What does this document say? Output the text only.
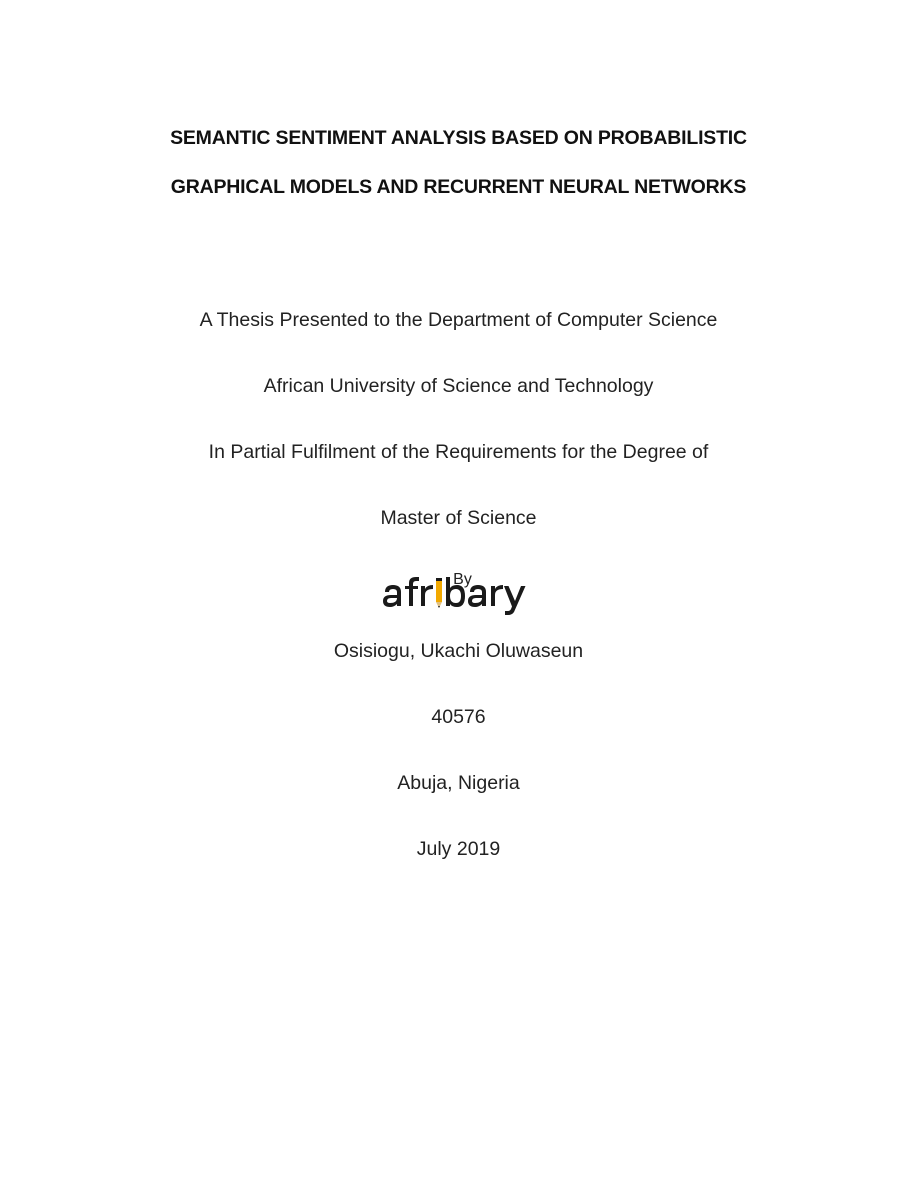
SEMANTIC SENTIMENT ANALYSIS BASED ON PROBABILISTIC
GRAPHICAL MODELS AND RECURRENT NEURAL NETWORKS
A Thesis Presented to the Department of Computer Science
African University of Science and Technology
In Partial Fulfilment of the Requirements for the Degree of
Master of Science
By
Osisiogu, Ukachi Oluwaseun
40576
Abuja, Nigeria
July 2019
